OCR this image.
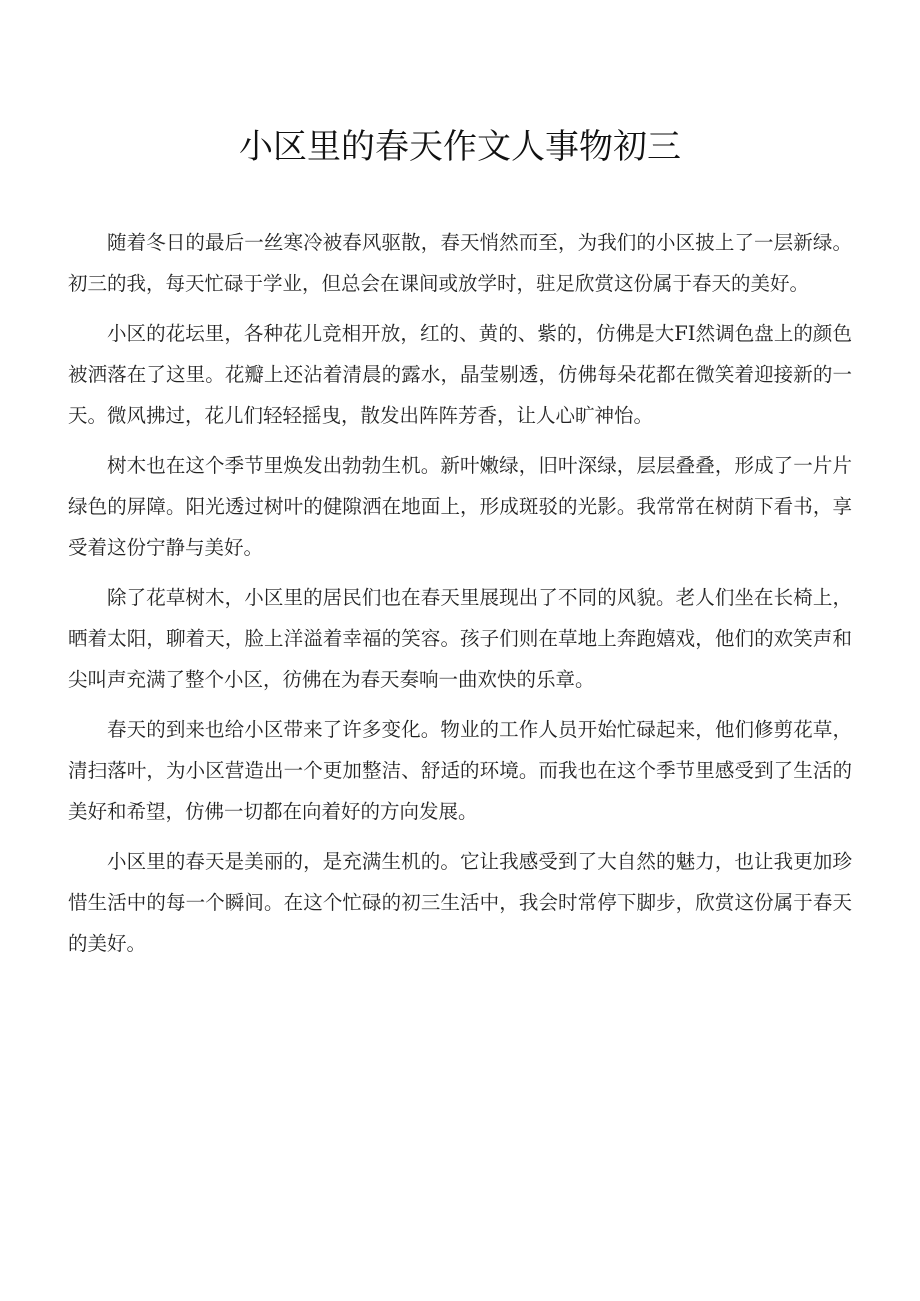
小区里的春天作文人事物初三

随着冬日的最后一丝寒冷被春风驱散，春天悄然而至，为我们的小区披上了一层新绿。初三的我，每天忙碌于学业，但总会在课间或放学时，驻足欣赏这份属于春天的美好。

小区的花坛里，各种花儿竞相开放，红的、黄的、紫的，仿佛是大FI然调色盘上的颜色被洒落在了这里。花瓣上还沾着清晨的露水，晶莹剔透，仿佛每朵花都在微笑着迎接新的一天。微风拂过，花儿们轻轻摇曳，散发出阵阵芳香，让人心旷神怡。

树木也在这个季节里焕发出勃勃生机。新叶嫩绿，旧叶深绿，层层叠叠，形成了一片片绿色的屏障。阳光透过树叶的健隙洒在地面上，形成斑驳的光影。我常常在树荫下看书，享受着这份宁静与美好。

除了花草树木，小区里的居民们也在春天里展现出了不同的风貌。老人们坐在长椅上，晒着太阳，聊着天，脸上洋溢着幸福的笑容。孩子们则在草地上奔跑嬉戏，他们的欢笑声和尖叫声充满了整个小区，彷佛在为春天奏响一曲欢快的乐章。

春天的到来也给小区带来了许多变化。物业的工作人员开始忙碌起来，他们修剪花草，清扫落叶，为小区营造出一个更加整洁、舒适的环境。而我也在这个季节里感受到了生活的美好和希望，仿佛一切都在向着好的方向发展。

小区里的春天是美丽的，是充满生机的。它让我感受到了大自然的魅力，也让我更加珍惜生活中的每一个瞬间。在这个忙碌的初三生活中，我会时常停下脚步，欣赏这份属于春天的美好。
